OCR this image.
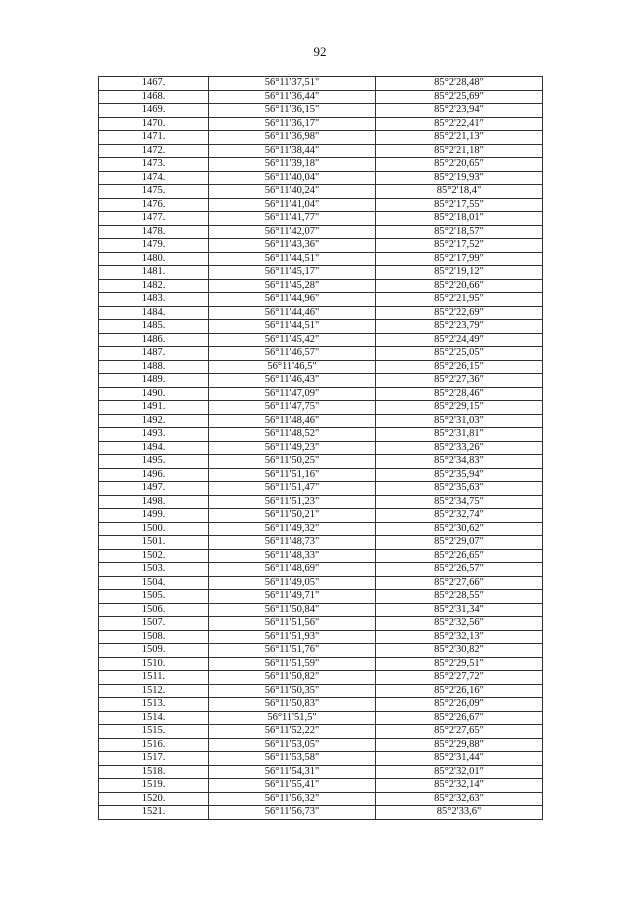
92
1467.	56°11'37,51"	85°2'28,48"
1468.	56°11'36,44"	85°2'25,69"
1469.	56°11'36,15"	85°2'23,94"
1470.	56°11'36,17"	85°2'22,41"
1471.	56°11'36,98"	85°2'21,13"
1472.	56°11'38,44"	85°2'21,18"
1473.	56°11'39,18"	85°2'20,65"
1474.	56°11'40,04"	85°2'19,93"
1475.	56°11'40,24"	85°2'18,4"
1476.	56°11'41,04"	85°2'17,55"
1477.	56°11'41,77"	85°2'18,01"
1478.	56°11'42,07"	85°2'18,57"
1479.	56°11'43,36"	85°2'17,52"
1480.	56°11'44,51"	85°2'17,99"
1481.	56°11'45,17"	85°2'19,12"
1482.	56°11'45,28"	85°2'20,66"
1483.	56°11'44,96"	85°2'21,95"
1484.	56°11'44,46"	85°2'22,69"
1485.	56°11'44,51"	85°2'23,79"
1486.	56°11'45,42"	85°2'24,49"
1487.	56°11'46,57"	85°2'25,05"
1488.	56°11'46,5"	85°2'26,15"
1489.	56°11'46,43"	85°2'27,36"
1490.	56°11'47,09"	85°2'28,46"
1491.	56°11'47,75"	85°2'29,15"
1492.	56°11'48,46"	85°2'31,03"
1493.	56°11'48,52"	85°2'31,81"
1494.	56°11'49,23"	85°2'33,26"
1495.	56°11'50,25"	85°2'34,83"
1496.	56°11'51,16"	85°2'35,94"
1497.	56°11'51,47"	85°2'35,63"
1498.	56°11'51,23"	85°2'34,75"
1499.	56°11'50,21"	85°2'32,74"
1500.	56°11'49,32"	85°2'30,62"
1501.	56°11'48,73"	85°2'29,07"
1502.	56°11'48,33"	85°2'26,65"
1503.	56°11'48,69"	85°2'26,57"
1504.	56°11'49,05"	85°2'27,66"
1505.	56°11'49,71"	85°2'28,55"
1506.	56°11'50,84"	85°2'31,34"
1507.	56°11'51,56"	85°2'32,56"
1508.	56°11'51,93"	85°2'32,13"
1509.	56°11'51,76"	85°2'30,82"
1510.	56°11'51,59"	85°2'29,51"
1511.	56°11'50,82"	85°2'27,72"
1512.	56°11'50,35"	85°2'26,16"
1513.	56°11'50,83"	85°2'26,09"
1514.	56°11'51,5"	85°2'26,67"
1515.	56°11'52,22"	85°2'27,65"
1516.	56°11'53,05"	85°2'29,88"
1517.	56°11'53,58"	85°2'31,44"
1518.	56°11'54,31"	85°2'32,01"
1519.	56°11'55,41"	85°2'32,14"
1520.	56°11'56,32"	85°2'32,63"
1521.	56°11'56,73"	85°2'33,6"
